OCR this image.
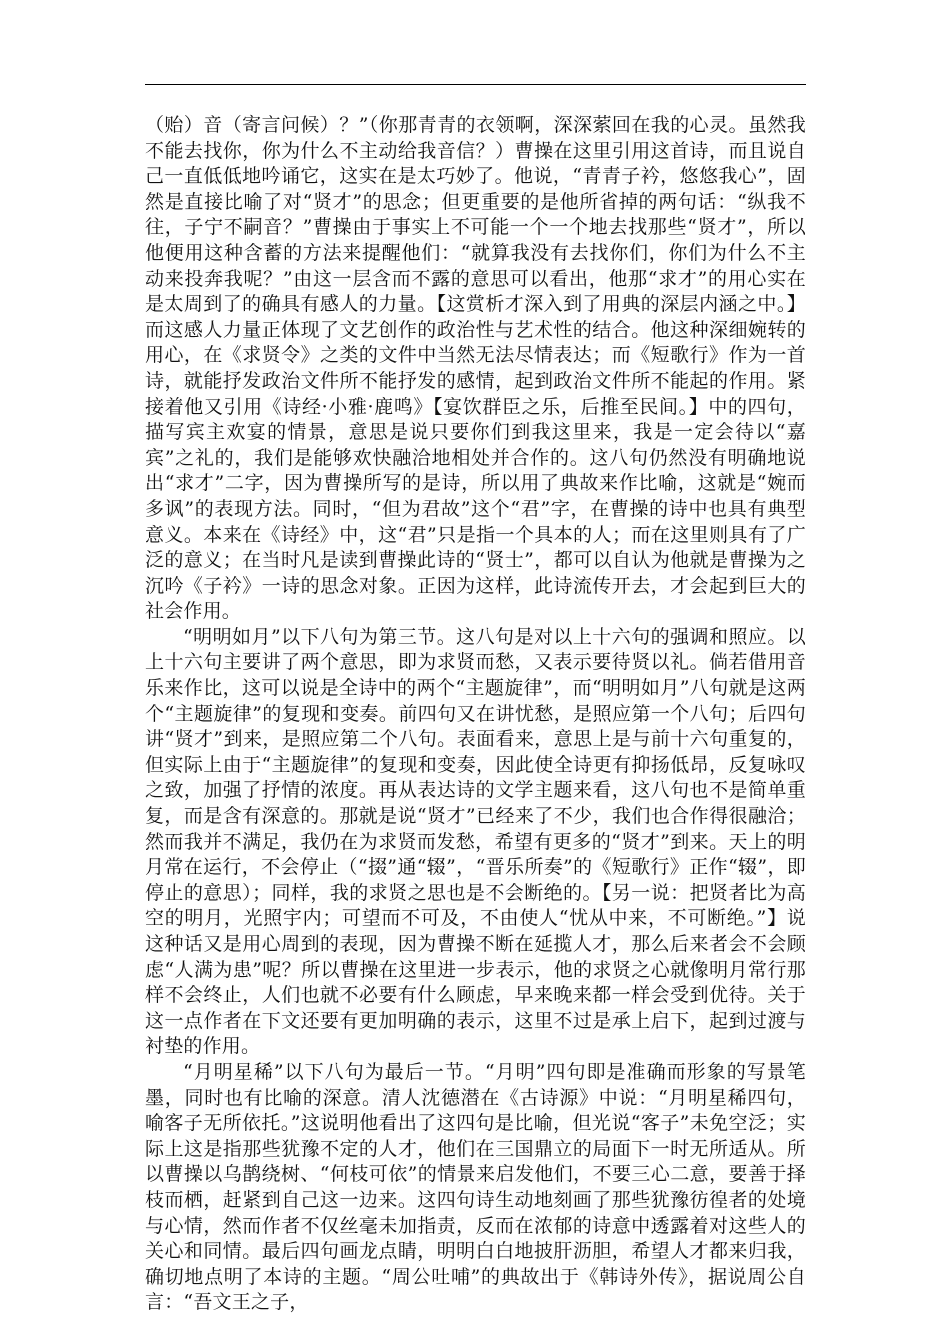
（贻）音（寄言问候）？”（你那青青的衣领啊，深深萦回在我的心灵。虽然我不能去找你，你为什么不主动给我音信？）曹操在这里引用这首诗，而且说自己一直低低地吟诵它，这实在是太巧妙了。他说，“青青子衿，悠悠我心”，固然是直接比喻了对“贤才”的思念；但更重要的是他所省掉的两句话：“纵我不往，子宁不嗣音？”曹操由于事实上不可能一个一个地去找那些“贤才”，所以他便用这种含蓄的方法来提醒他们：“就算我没有去找你们，你们为什么不主动来投奔我呢？”由这一层含而不露的意思可以看出，他那“求才”的用心实在是太周到了的确具有感人的力量。【这赏析才深入到了用典的深层内涵之中。】而这感人力量正体现了文艺创作的政治性与艺术性的结合。他这种深细婉转的用心，在《求贤令》之类的文件中当然无法尽情表达；而《短歌行》作为一首诗，就能抒发政治文件所不能抒发的感情，起到政治文件所不能起的作用。紧接着他又引用《诗经·小雅·鹿鸣》【宴饮群臣之乐，后推至民间。】中的四句，描写宾主欢宴的情景，意思是说只要你们到我这里来，我是一定会待以“嘉宾”之礼的，我们是能够欢快融洽地相处并合作的。这八句仍然没有明确地说出“求才”二字，因为曹操所写的是诗，所以用了典故来作比喻，这就是“婉而多讽”的表现方法。同时，“但为君故”这个“君”字，在曹操的诗中也具有典型意义。本来在《诗经》中，这“君”只是指一个具本的人；而在这里则具有了广泛的意义；在当时凡是读到曹操此诗的“贤士”，都可以自认为他就是曹操为之沉吟《子衿》一诗的思念对象。正因为这样，此诗流传开去，才会起到巨大的社会作用。

“明明如月”以下八句为第三节。这八句是对以上十六句的强调和照应。以上十六句主要讲了两个意思，即为求贤而愁，又表示要待贤以礼。倘若借用音乐来作比，这可以说是全诗中的两个“主题旋律”，而“明明如月”八句就是这两个“主题旋律”的复现和变奏。前四句又在讲忧愁，是照应第一个八句；后四句讲“贤才”到来，是照应第二个八句。表面看来，意思上是与前十六句重复的，但实际上由于“主题旋律”的复现和变奏，因此使全诗更有抑扬低昂，反复咏叹之致，加强了抒情的浓度。再从表达诗的文学主题来看，这八句也不是简单重复，而是含有深意的。那就是说“贤才”已经来了不少，我们也合作得很融洽；然而我并不满足，我仍在为求贤而发愁，希望有更多的“贤才”到来。天上的明月常在运行，不会停止（“掇”通“辍”，“晋乐所奏”的《短歌行》正作“辍”，即停止的意思）；同样，我的求贤之思也是不会断绝的。【另一说：把贤者比为高空的明月，光照宇内；可望而不可及，不由使人“忧从中来，不可断绝。”】说这种话又是用心周到的表现，因为曹操不断在延揽人才，那么后来者会不会顾虑“人满为患”呢？所以曹操在这里进一步表示，他的求贤之心就像明月常行那样不会终止，人们也就不必要有什么顾虑，早来晚来都一样会受到优待。关于这一点作者在下文还要有更加明确的表示，这里不过是承上启下，起到过渡与衬垫的作用。

“月明星稀”以下八句为最后一节。“月明”四句即是准确而形象的写景笔墨，同时也有比喻的深意。清人沈德潜在《古诗源》中说：“月明星稀四句，喻客子无所依托。”这说明他看出了这四句是比喻，但光说“客子”未免空泛；实际上这是指那些犹豫不定的人才，他们在三国鼎立的局面下一时无所适从。所以曹操以乌鹊绕树、“何枝可依”的情景来启发他们，不要三心二意，要善于择枝而栖，赶紧到自己这一边来。这四句诗生动地刻画了那些犹豫彷徨者的处境与心情，然而作者不仅丝毫未加指责，反而在浓郁的诗意中透露着对这些人的关心和同情。最后四句画龙点睛，明明白白地披肝沥胆，希望人才都来归我，确切地点明了本诗的主题。“周公吐哺”的典故出于《韩诗外传》，据说周公自言：“吾文王之子，
